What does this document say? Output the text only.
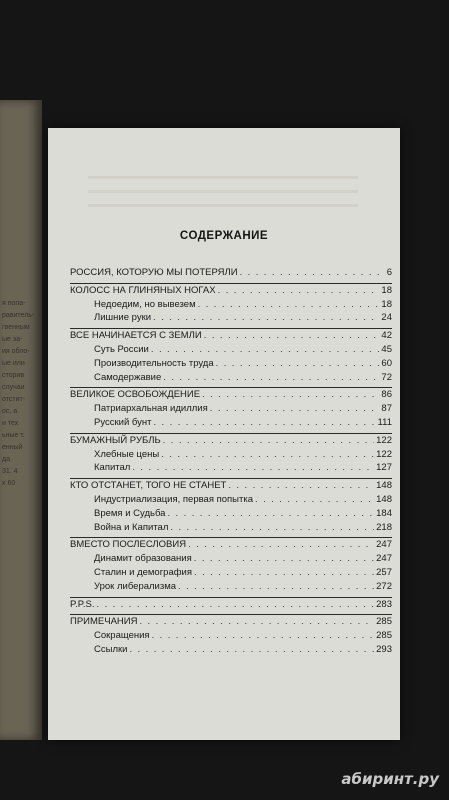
я попа-
равитель-
гвенным
ые за-
ия обло-
ые или
сторив
случаи
отстит-
ос, а
и тех
ьные т.
енный
да
31. 4
х 60
СОДЕРЖАНИЕ
РОССИЯ, КОТОРУЮ МЫ ПОТЕРЯЛИ . . .	6
КОЛОСС НА ГЛИНЯНЫХ НОГАХ . . .	18
Недоедим, но вывезем . . .	18
Лишние руки . . .	24
ВСЕ НАЧИНАЕТСЯ С ЗЕМЛИ . . .	42
Суть России . . .	45
Производительность труда . . .	60
Самодержавие . . .	72
ВЕЛИКОЕ ОСВОБОЖДЕНИЕ . . .	86
Патриархальная идиллия . . .	87
Русский бунт . . .	111
БУМАЖНЫЙ РУБЛЬ . . .	122
Хлебные цены . . .	122
Капитал . . .	127
КТО ОТСТАНЕТ, ТОГО НЕ СТАНЕТ . . .	148
Индустриализация, первая попытка . . .	148
Время и Судьба . . .	184
Война и Капитал . . .	218
ВМЕСТО ПОСЛЕСЛОВИЯ . . .	247
Динамит образования . . .	247
Сталин и демография . . .	257
Урок либерализма . . .	272
P.P.S. . . .	283
ПРИМЕЧАНИЯ . . .	285
Сокращения . . .	285
Ссылки . . .	293
абиринт.ру
